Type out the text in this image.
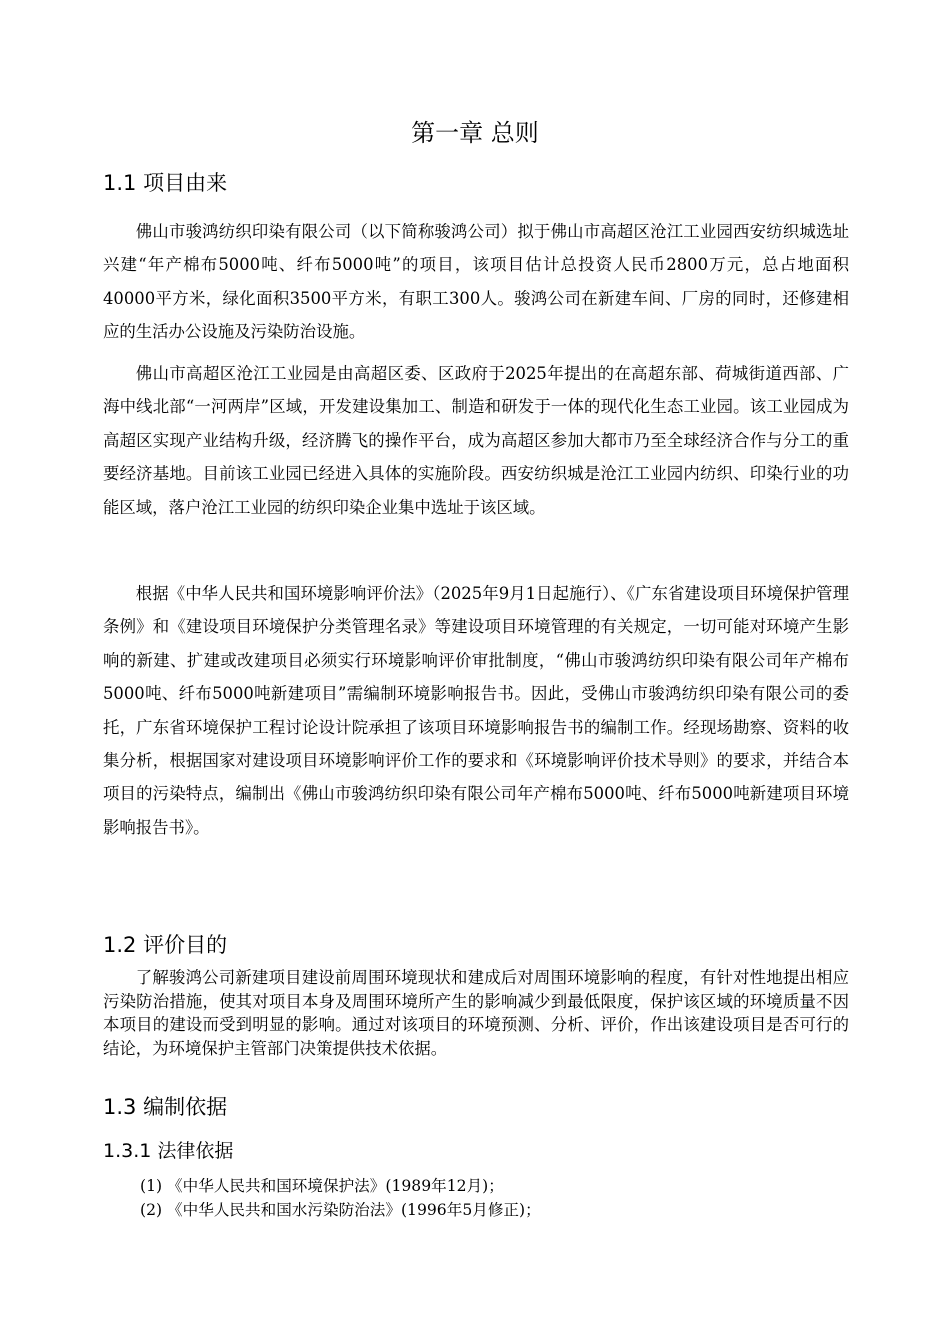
第一章 总则
1.1 项目由来

佛山市骏鸿纺织印染有限公司（以下简称骏鸿公司）拟于佛山市高超区沧江工业园西安纺织城选址兴建“年产棉布5000吨、纤布5000吨”的项目，该项目估计总投资人民币2800万元，总占地面积40000平方米，绿化面积3500平方米，有职工300人。骏鸿公司在新建车间、厂房的同时，还修建相应的生活办公设施及污染防治设施。

佛山市高超区沧江工业园是由高超区委、区政府于2025年提出的在高超东部、荷城街道西部、广海中线北部“一河两岸”区域，开发建设集加工、制造和研发于一体的现代化生态工业园。该工业园成为高超区实现产业结构升级，经济腾飞的操作平台，成为高超区参加大都市乃至全球经济合作与分工的重要经济基地。目前该工业园已经进入具体的实施阶段。西安纺织城是沧江工业园内纺织、印染行业的功能区域，落户沧江工业园的纺织印染企业集中选址于该区域。

根据《中华人民共和国环境影响评价法》（2025年9月1日起施行）、《广东省建设项目环境保护管理条例》和《建设项目环境保护分类管理名录》等建设项目环境管理的有关规定，一切可能对环境产生影响的新建、扩建或改建项目必须实行环境影响评价审批制度，“佛山市骏鸿纺织印染有限公司年产棉布5000吨、纤布5000吨新建项目”需编制环境影响报告书。因此，受佛山市骏鸿纺织印染有限公司的委托，广东省环境保护工程讨论设计院承担了该项目环境影响报告书的编制工作。经现场勘察、资料的收集分析，根据国家对建设项目环境影响评价工作的要求和《环境影响评价技术导则》的要求，并结合本项目的污染特点，编制出《佛山市骏鸿纺织印染有限公司年产棉布5000吨、纤布5000吨新建项目环境影响报告书》。

1.2 评价目的

了解骏鸿公司新建项目建设前周围环境现状和建成后对周围环境影响的程度，有针对性地提出相应污染防治措施，使其对项目本身及周围环境所产生的影响减少到最低限度，保护该区域的环境质量不因本项目的建设而受到明显的影响。通过对该项目的环境预测、分析、评价，作出该建设项目是否可行的结论，为环境保护主管部门决策提供技术依据。

1.3 编制依据
1.3.1 法律依据
(1) 《中华人民共和国环境保护法》(1989年12月)；
(2) 《中华人民共和国水污染防治法》(1996年5月修正)；
